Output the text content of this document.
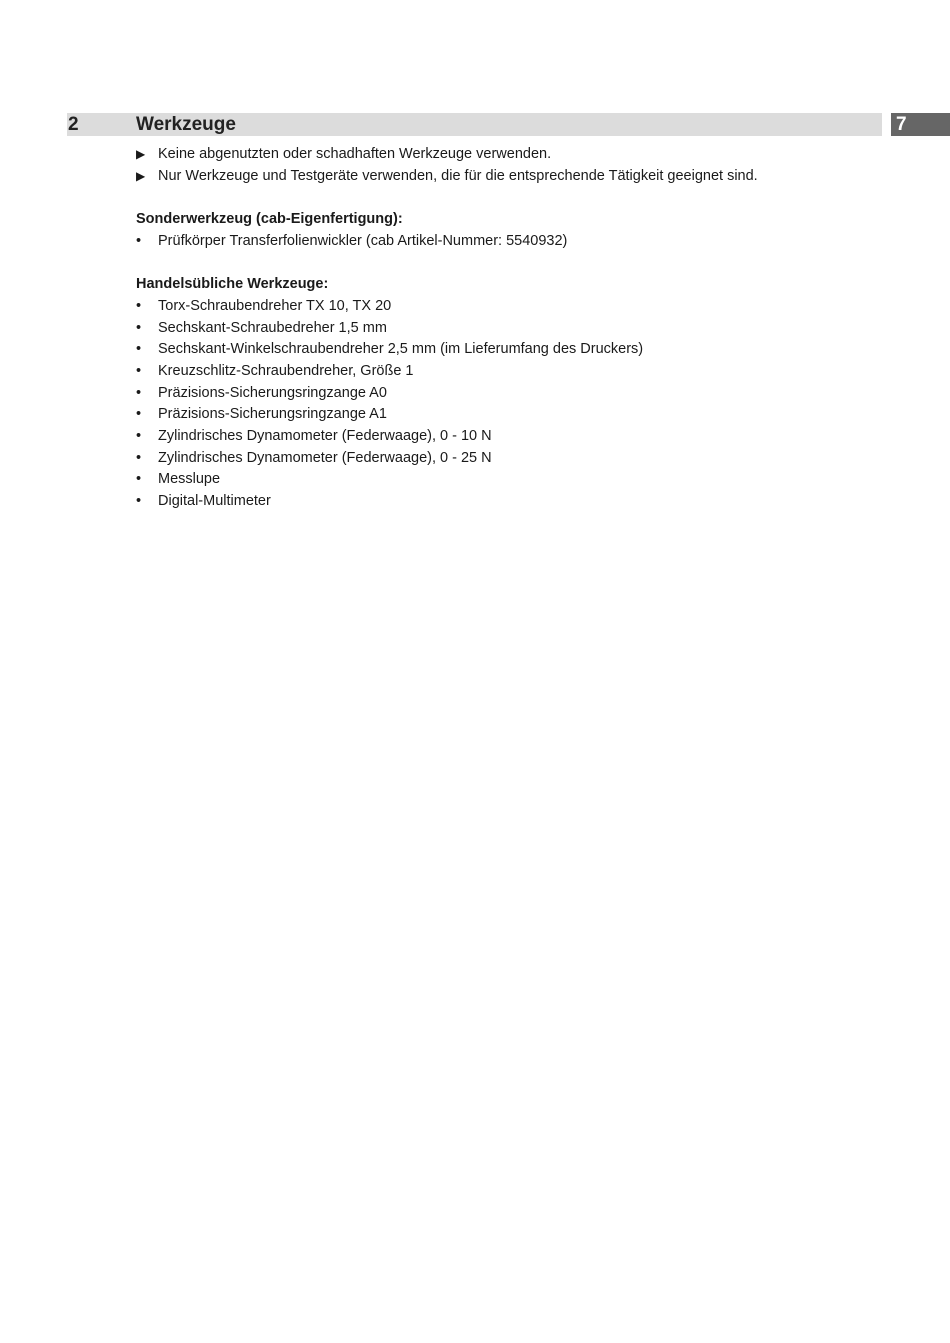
2	Werkzeuge	7
▶ Keine abgenutzten oder schadhaften Werkzeuge verwenden.
▶ Nur Werkzeuge und Testgeräte verwenden, die für die entsprechende Tätigkeit geeignet sind.
Sonderwerkzeug (cab-Eigenfertigung):
•	Prüfkörper Transferfolienwickler (cab Artikel-Nummer: 5540932)
Handelsübliche Werkzeuge:
•	Torx-Schraubendreher TX 10, TX 20
•	Sechskant-Schraubedreher 1,5 mm
•	Sechskant-Winkelschraubendreher 2,5 mm (im Lieferumfang des Druckers)
•	Kreuzschlitz-Schraubendreher, Größe 1
•	Präzisions-Sicherungsringzange A0
•	Präzisions-Sicherungsringzange A1
•	Zylindrisches Dynamometer (Federwaage), 0 - 10 N
•	Zylindrisches Dynamometer (Federwaage), 0 - 25 N
•	Messlupe
•	Digital-Multimeter
